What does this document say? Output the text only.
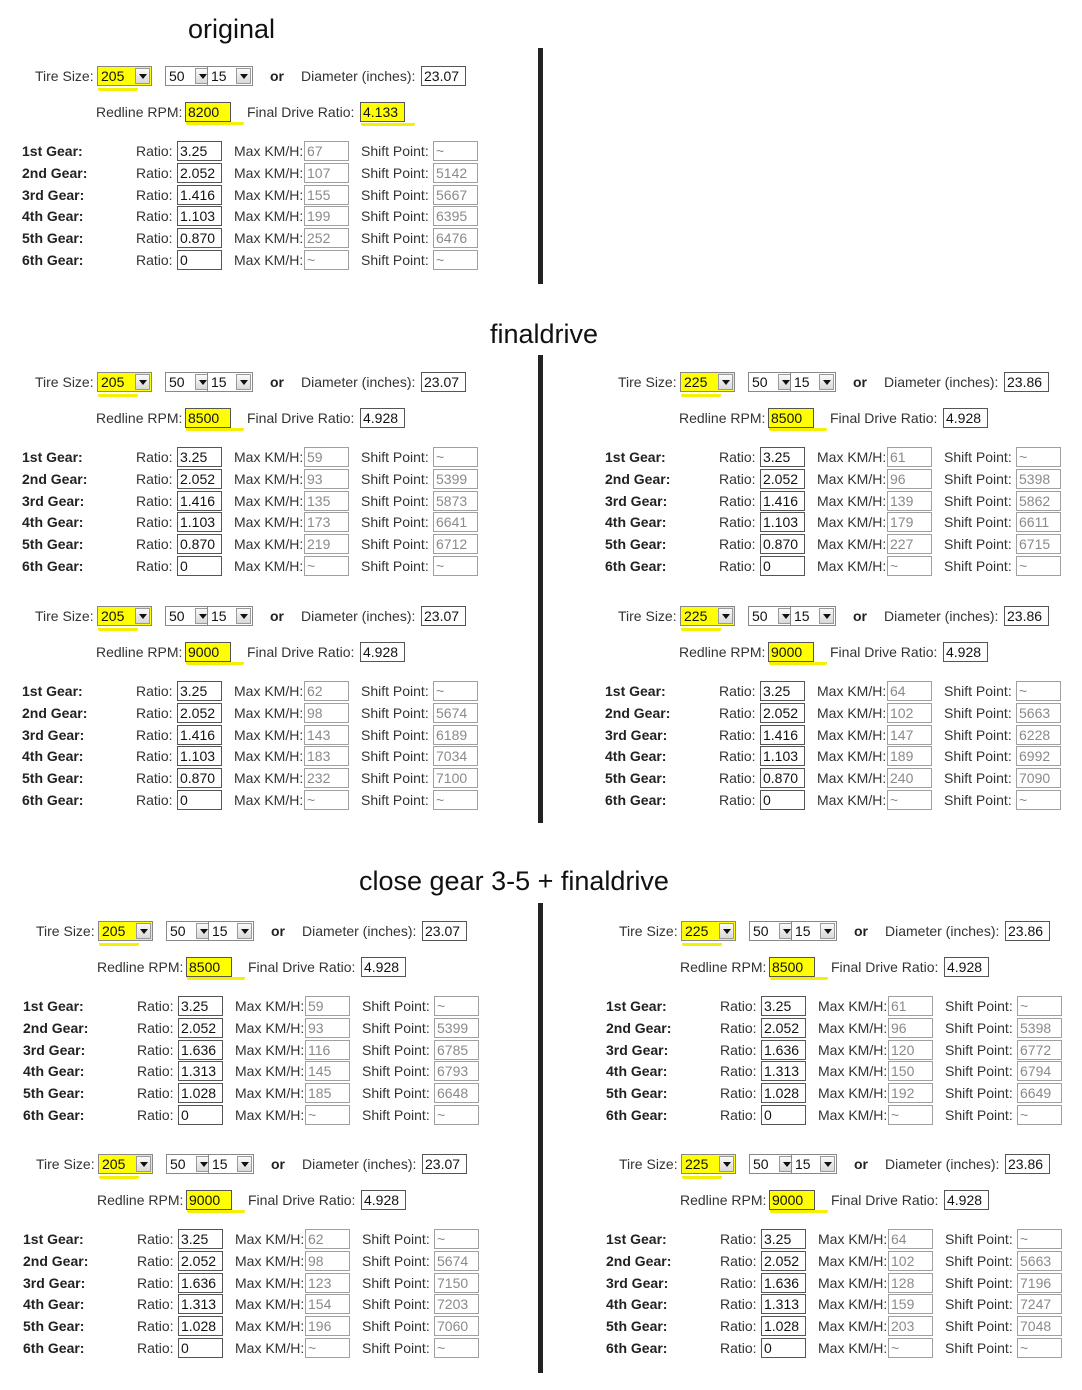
original
finaldrive
close gear 3-5 + finaldrive
Tire Size: 205	50 15	or Diameter (inches): 23.07
Redline RPM: 8200	Final Drive Ratio: 4.133
1st Gear:	Ratio: 3.25	Max KM/H: 67	Shift Point: ~
2nd Gear:	Ratio: 2.052	Max KM/H: 107	Shift Point: 5142
3rd Gear:	Ratio: 1.416	Max KM/H: 155	Shift Point: 5667
4th Gear:	Ratio: 1.103	Max KM/H: 199	Shift Point: 6395
5th Gear:	Ratio: 0.870	Max KM/H: 252	Shift Point: 6476
6th Gear:	Ratio: 0	Max KM/H: ~	Shift Point: ~
Tire Size: 205	50 15	or Diameter (inches): 23.07
Redline RPM: 8500	Final Drive Ratio: 4.928
1st Gear:	Ratio: 3.25	Max KM/H: 59	Shift Point: ~
2nd Gear:	Ratio: 2.052	Max KM/H: 93	Shift Point: 5399
3rd Gear:	Ratio: 1.416	Max KM/H: 135	Shift Point: 5873
4th Gear:	Ratio: 1.103	Max KM/H: 173	Shift Point: 6641
5th Gear:	Ratio: 0.870	Max KM/H: 219	Shift Point: 6712
6th Gear:	Ratio: 0	Max KM/H: ~	Shift Point: ~
Tire Size: 225	50 15	or Diameter (inches): 23.86
Redline RPM: 8500	Final Drive Ratio: 4.928
1st Gear:	Ratio: 3.25	Max KM/H: 61	Shift Point: ~
2nd Gear:	Ratio: 2.052	Max KM/H: 96	Shift Point: 5398
3rd Gear:	Ratio: 1.416	Max KM/H: 139	Shift Point: 5862
4th Gear:	Ratio: 1.103	Max KM/H: 179	Shift Point: 6611
5th Gear:	Ratio: 0.870	Max KM/H: 227	Shift Point: 6715
6th Gear:	Ratio: 0	Max KM/H: ~	Shift Point: ~
Tire Size: 205	50 15	or Diameter (inches): 23.07
Redline RPM: 9000	Final Drive Ratio: 4.928
1st Gear:	Ratio: 3.25	Max KM/H: 62	Shift Point: ~
2nd Gear:	Ratio: 2.052	Max KM/H: 98	Shift Point: 5674
3rd Gear:	Ratio: 1.416	Max KM/H: 143	Shift Point: 6189
4th Gear:	Ratio: 1.103	Max KM/H: 183	Shift Point: 7034
5th Gear:	Ratio: 0.870	Max KM/H: 232	Shift Point: 7100
6th Gear:	Ratio: 0	Max KM/H: ~	Shift Point: ~
Tire Size: 225	50 15	or Diameter (inches): 23.86
Redline RPM: 9000	Final Drive Ratio: 4.928
1st Gear:	Ratio: 3.25	Max KM/H: 64	Shift Point: ~
2nd Gear:	Ratio: 2.052	Max KM/H: 102	Shift Point: 5663
3rd Gear:	Ratio: 1.416	Max KM/H: 147	Shift Point: 6228
4th Gear:	Ratio: 1.103	Max KM/H: 189	Shift Point: 6992
5th Gear:	Ratio: 0.870	Max KM/H: 240	Shift Point: 7090
6th Gear:	Ratio: 0	Max KM/H: ~	Shift Point: ~
Tire Size: 205	50 15	or Diameter (inches): 23.07
Redline RPM: 8500	Final Drive Ratio: 4.928
1st Gear:	Ratio: 3.25	Max KM/H: 59	Shift Point: ~
2nd Gear:	Ratio: 2.052	Max KM/H: 93	Shift Point: 5399
3rd Gear:	Ratio: 1.636	Max KM/H: 116	Shift Point: 6785
4th Gear:	Ratio: 1.313	Max KM/H: 145	Shift Point: 6793
5th Gear:	Ratio: 1.028	Max KM/H: 185	Shift Point: 6648
6th Gear:	Ratio: 0	Max KM/H: ~	Shift Point: ~
Tire Size: 225	50 15	or Diameter (inches): 23.86
Redline RPM: 8500	Final Drive Ratio: 4.928
1st Gear:	Ratio: 3.25	Max KM/H: 61	Shift Point: ~
2nd Gear:	Ratio: 2.052	Max KM/H: 96	Shift Point: 5398
3rd Gear:	Ratio: 1.636	Max KM/H: 120	Shift Point: 6772
4th Gear:	Ratio: 1.313	Max KM/H: 150	Shift Point: 6794
5th Gear:	Ratio: 1.028	Max KM/H: 192	Shift Point: 6649
6th Gear:	Ratio: 0	Max KM/H: ~	Shift Point: ~
Tire Size: 205	50 15	or Diameter (inches): 23.07
Redline RPM: 9000	Final Drive Ratio: 4.928
1st Gear:	Ratio: 3.25	Max KM/H: 62	Shift Point: ~
2nd Gear:	Ratio: 2.052	Max KM/H: 98	Shift Point: 5674
3rd Gear:	Ratio: 1.636	Max KM/H: 123	Shift Point: 7150
4th Gear:	Ratio: 1.313	Max KM/H: 154	Shift Point: 7203
5th Gear:	Ratio: 1.028	Max KM/H: 196	Shift Point: 7060
6th Gear:	Ratio: 0	Max KM/H: ~	Shift Point: ~
Tire Size: 225	50 15	or Diameter (inches): 23.86
Redline RPM: 9000	Final Drive Ratio: 4.928
1st Gear:	Ratio: 3.25	Max KM/H: 64	Shift Point: ~
2nd Gear:	Ratio: 2.052	Max KM/H: 102	Shift Point: 5663
3rd Gear:	Ratio: 1.636	Max KM/H: 128	Shift Point: 7196
4th Gear:	Ratio: 1.313	Max KM/H: 159	Shift Point: 7247
5th Gear:	Ratio: 1.028	Max KM/H: 203	Shift Point: 7048
6th Gear:	Ratio: 0	Max KM/H: ~	Shift Point: ~
